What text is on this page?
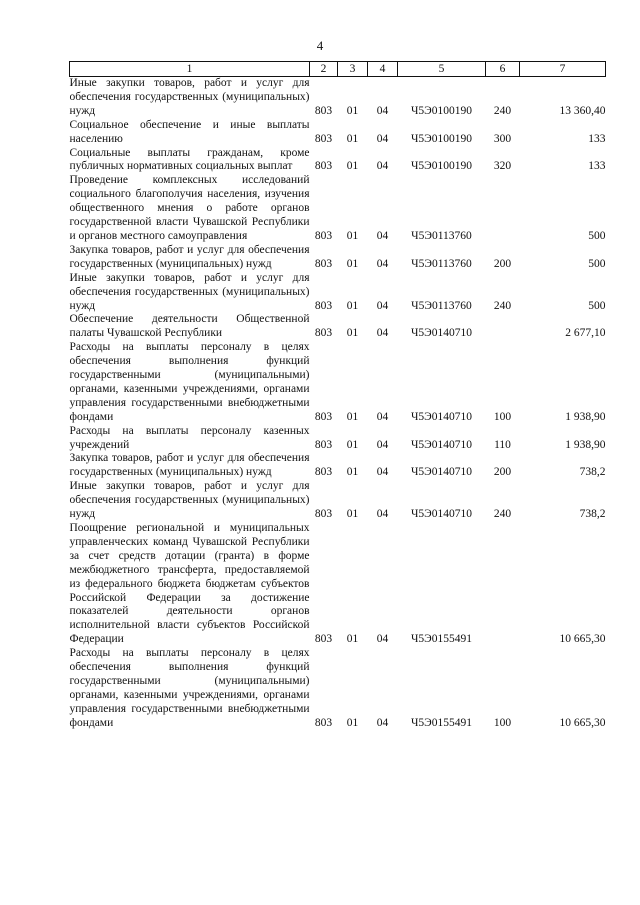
4
1	2	3	4	5	6	7
Иные закупки товаров, работ и услуг для обеспечения государственных (муниципальных) нужд	803	01	04	Ч5Э0100190	240	13 360,40
Социальное обеспечение и иные выплаты населению	803	01	04	Ч5Э0100190	300	133
Социальные выплаты гражданам, кроме публичных нормативных социальных выплат	803	01	04	Ч5Э0100190	320	133
Проведение комплексных исследований социального благополучия населения, изучения общественного мнения о работе органов государственной власти Чувашской Республики и органов местного самоуправления	803	01	04	Ч5Э0113760		500
Закупка товаров, работ и услуг для обеспечения государственных (муниципальных) нужд	803	01	04	Ч5Э0113760	200	500
Иные закупки товаров, работ и услуг для обеспечения государственных (муниципальных) нужд	803	01	04	Ч5Э0113760	240	500
Обеспечение деятельности Общественной палаты Чувашской Республики	803	01	04	Ч5Э0140710		2 677,10
Расходы на выплаты персоналу в целях обеспечения выполнения функций государственными (муниципальными) органами, казенными учреждениями, органами управления государственными внебюджетными фондами	803	01	04	Ч5Э0140710	100	1 938,90
Расходы на выплаты персоналу казенных учреждений	803	01	04	Ч5Э0140710	110	1 938,90
Закупка товаров, работ и услуг для обеспечения государственных (муниципальных) нужд	803	01	04	Ч5Э0140710	200	738,2
Иные закупки товаров, работ и услуг для обеспечения государственных (муниципальных) нужд	803	01	04	Ч5Э0140710	240	738,2
Поощрение региональной и муниципальных управленческих команд Чувашской Республики за счет средств дотации (гранта) в форме межбюджетного трансферта, предоставляемой из федерального бюджета бюджетам субъектов Российской Федерации за достижение показателей деятельности органов исполнительной власти субъектов Российской Федерации	803	01	04	Ч5Э0155491		10 665,30
Расходы на выплаты персоналу в целях обеспечения выполнения функций государственными (муниципальными) органами, казенными учреждениями, органами управления государственными внебюджетными фондами	803	01	04	Ч5Э0155491	100	10 665,30
